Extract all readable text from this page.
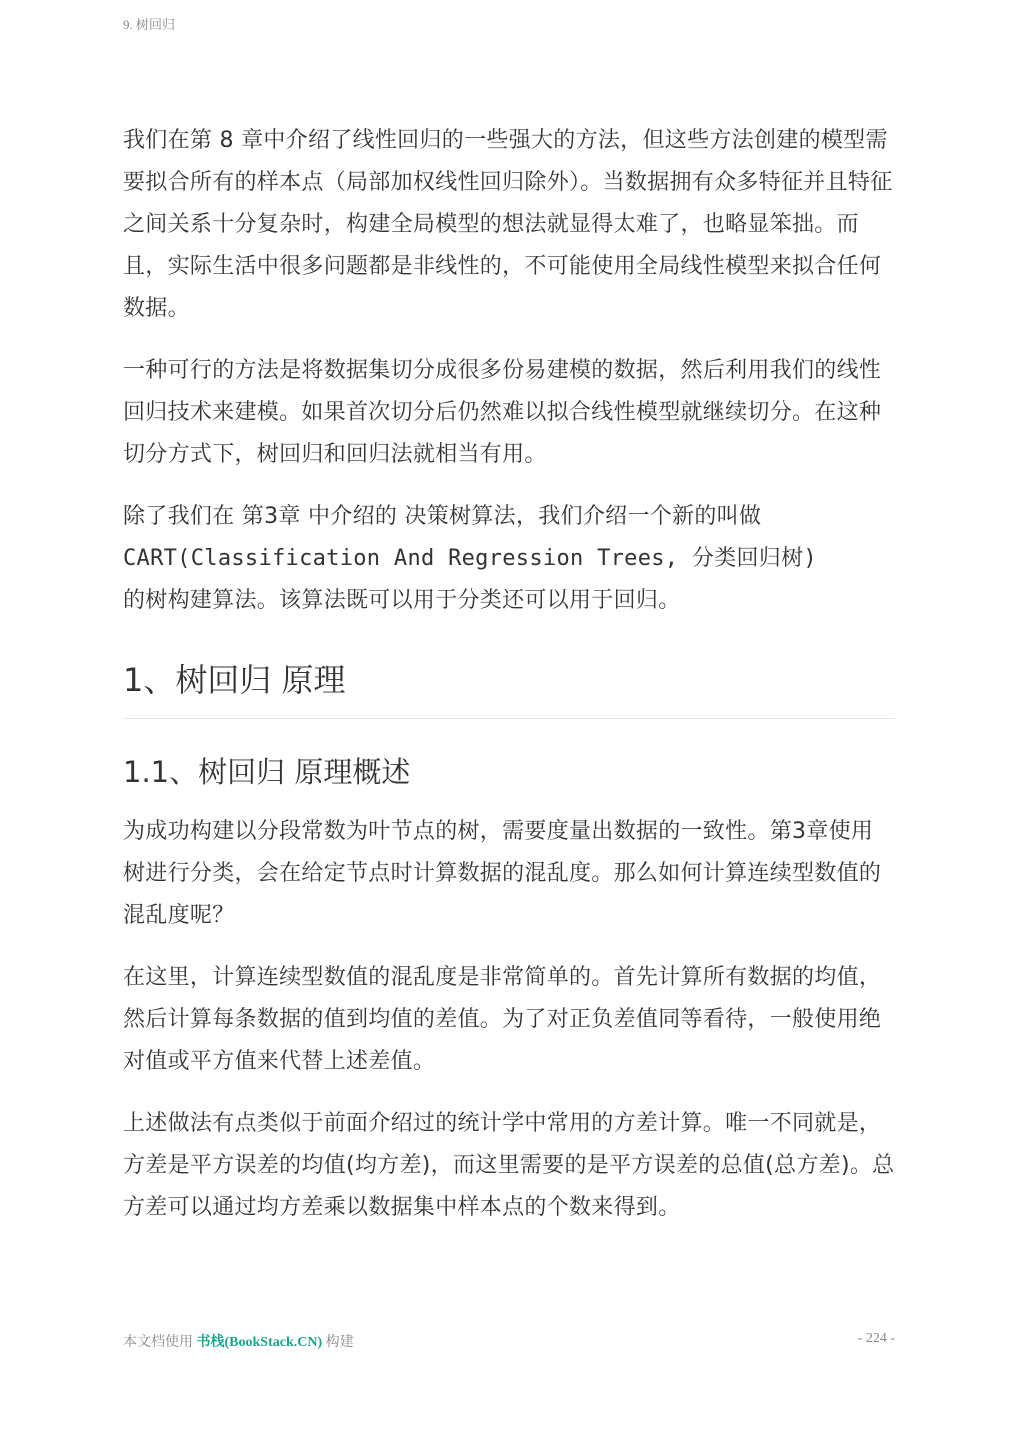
9. 树回归

我们在第 8 章中介绍了线性回归的一些强大的方法，但这些方法创建的模型需要拟合所有的样本点（局部加权线性回归除外）。当数据拥有众多特征并且特征之间关系十分复杂时，构建全局模型的想法就显得太难了，也略显笨拙。而且，实际生活中很多问题都是非线性的，不可能使用全局线性模型来拟合任何数据。

一种可行的方法是将数据集切分成很多份易建模的数据，然后利用我们的线性回归技术来建模。如果首次切分后仍然难以拟合线性模型就继续切分。在这种切分方式下，树回归和回归法就相当有用。

除了我们在 第3章 中介绍的 决策树算法，我们介绍一个新的叫做
CART(Classification And Regression Trees, 分类回归树)
的树构建算法。该算法既可以用于分类还可以用于回归。

1、树回归 原理
1.1、树回归 原理概述

为成功构建以分段常数为叶节点的树，需要度量出数据的一致性。第3章使用树进行分类，会在给定节点时计算数据的混乱度。那么如何计算连续型数值的混乱度呢？

在这里，计算连续型数值的混乱度是非常简单的。首先计算所有数据的均值，然后计算每条数据的值到均值的差值。为了对正负差值同等看待，一般使用绝对值或平方值来代替上述差值。

上述做法有点类似于前面介绍过的统计学中常用的方差计算。唯一不同就是，方差是平方误差的均值(均方差)，而这里需要的是平方误差的总值(总方差)。总方差可以通过均方差乘以数据集中样本点的个数来得到。

本文档使用 书栈(BookStack.CN) 构建	- 224 -
